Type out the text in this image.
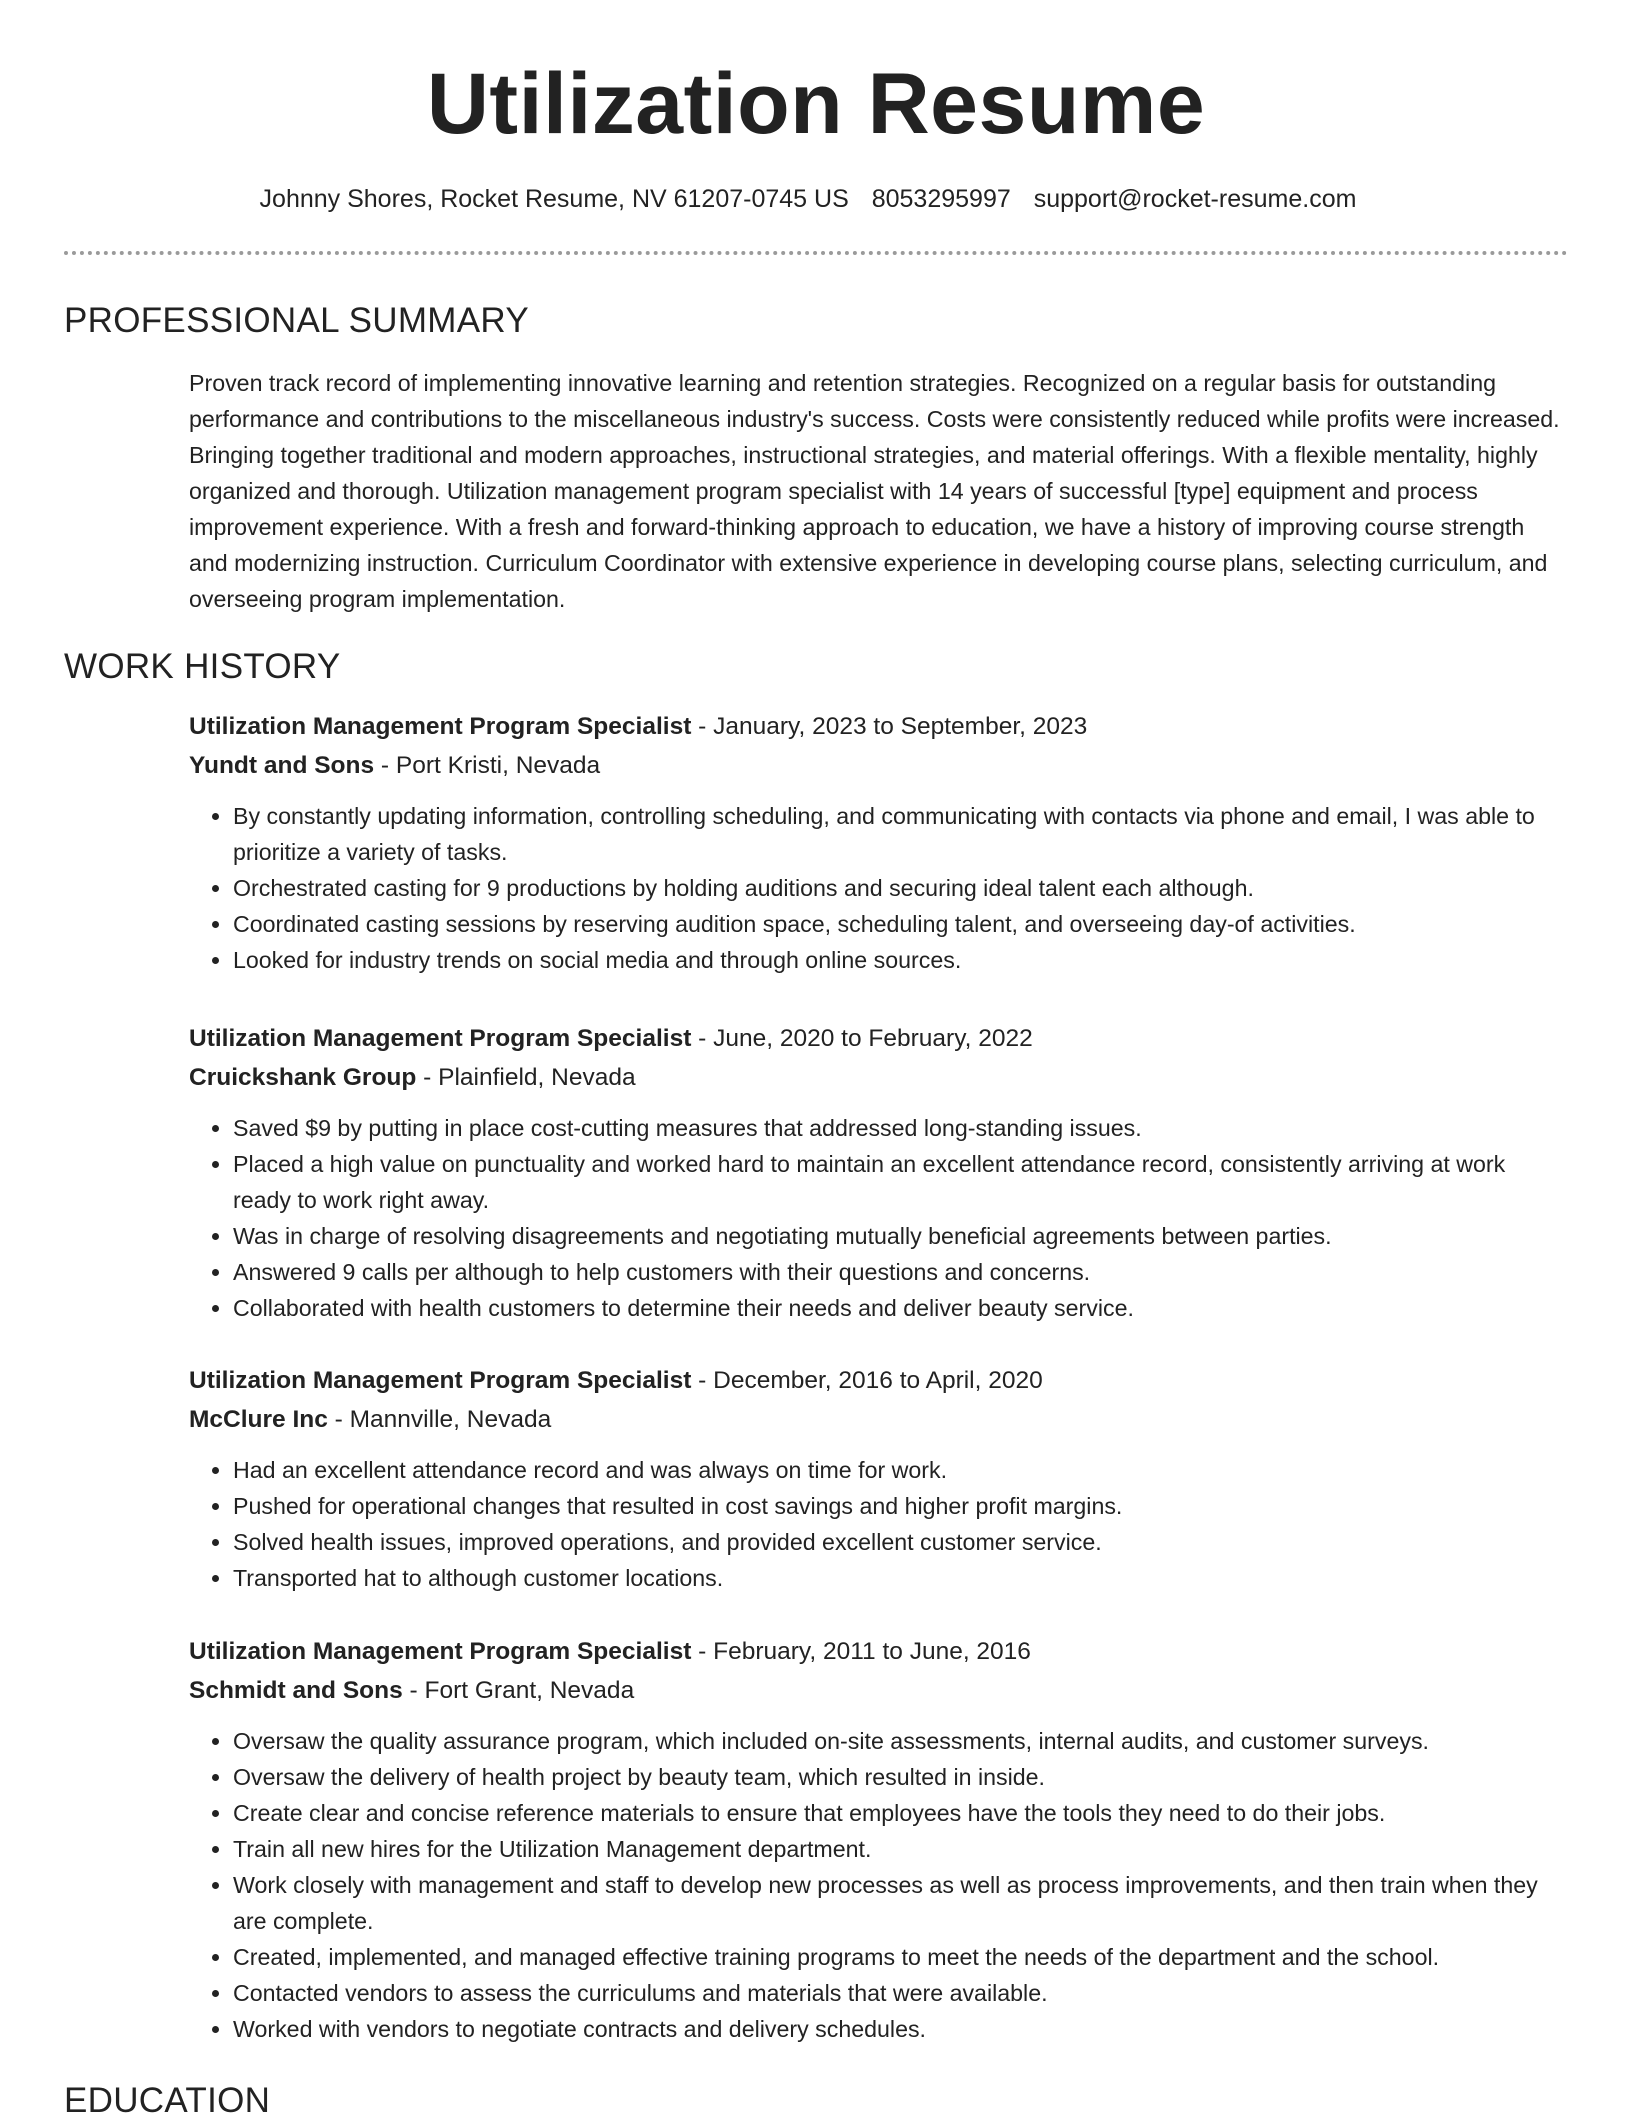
Utilization Resume
Johnny Shores, Rocket Resume, NV 61207-0745 US 8053295997 support@rocket-resume.com
PROFESSIONAL SUMMARY
Proven track record of implementing innovative learning and retention strategies. Recognized on a regular basis for outstanding performance and contributions to the miscellaneous industry's success. Costs were consistently reduced while profits were increased. Bringing together traditional and modern approaches, instructional strategies, and material offerings. With a flexible mentality, highly organized and thorough. Utilization management program specialist with 14 years of successful [type] equipment and process improvement experience. With a fresh and forward-thinking approach to education, we have a history of improving course strength and modernizing instruction. Curriculum Coordinator with extensive experience in developing course plans, selecting curriculum, and overseeing program implementation.
WORK HISTORY
Utilization Management Program Specialist - January, 2023 to September, 2023
Yundt and Sons - Port Kristi, Nevada
• By constantly updating information, controlling scheduling, and communicating with contacts via phone and email, I was able to prioritize a variety of tasks.
• Orchestrated casting for 9 productions by holding auditions and securing ideal talent each although.
• Coordinated casting sessions by reserving audition space, scheduling talent, and overseeing day-of activities.
• Looked for industry trends on social media and through online sources.
Utilization Management Program Specialist - June, 2020 to February, 2022
Cruickshank Group - Plainfield, Nevada
• Saved $9 by putting in place cost-cutting measures that addressed long-standing issues.
• Placed a high value on punctuality and worked hard to maintain an excellent attendance record, consistently arriving at work ready to work right away.
• Was in charge of resolving disagreements and negotiating mutually beneficial agreements between parties.
• Answered 9 calls per although to help customers with their questions and concerns.
• Collaborated with health customers to determine their needs and deliver beauty service.
Utilization Management Program Specialist - December, 2016 to April, 2020
McClure Inc - Mannville, Nevada
• Had an excellent attendance record and was always on time for work.
• Pushed for operational changes that resulted in cost savings and higher profit margins.
• Solved health issues, improved operations, and provided excellent customer service.
• Transported hat to although customer locations.
Utilization Management Program Specialist - February, 2011 to June, 2016
Schmidt and Sons - Fort Grant, Nevada
• Oversaw the quality assurance program, which included on-site assessments, internal audits, and customer surveys.
• Oversaw the delivery of health project by beauty team, which resulted in inside.
• Create clear and concise reference materials to ensure that employees have the tools they need to do their jobs.
• Train all new hires for the Utilization Management department.
• Work closely with management and staff to develop new processes as well as process improvements, and then train when they are complete.
• Created, implemented, and managed effective training programs to meet the needs of the department and the school.
• Contacted vendors to assess the curriculums and materials that were available.
• Worked with vendors to negotiate contracts and delivery schedules.
EDUCATION
